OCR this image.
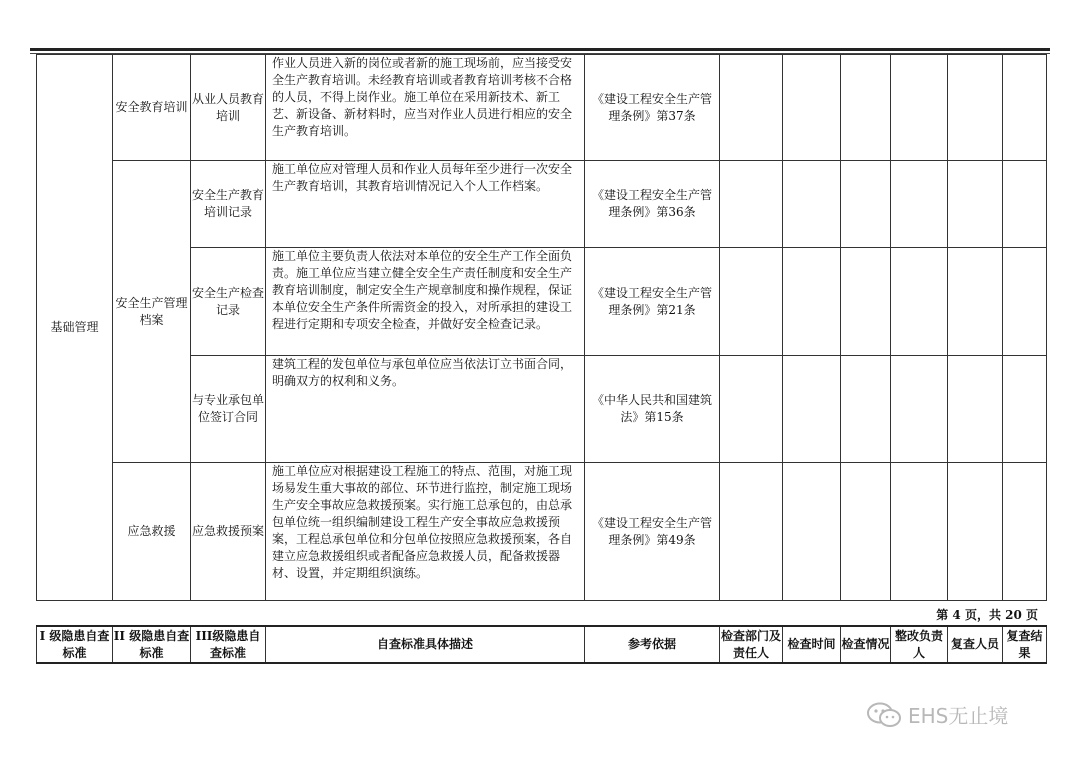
基础管理	安全教育培训	从业人员教育培训	作业人员进入新的岗位或者新的施工现场前，应当接受安全生产教育培训。未经教育培训或者教育培训考核不合格的人员，不得上岗作业。施工单位在采用新技术、新工艺、新设备、新材料时，应当对作业人员进行相应的安全生产教育培训。	《建设工程安全生产管理条例》第37条						
	安全生产管理档案	安全生产教育培训记录	施工单位应对管理人员和作业人员每年至少进行一次安全生产教育培训，其教育培训情况记入个人工作档案。	《建设工程安全生产管理条例》第36条						
		安全生产检查记录	施工单位主要负责人依法对本单位的安全生产工作全面负责。施工单位应当建立健全安全生产责任制度和安全生产教育培训制度，制定安全生产规章制度和操作规程，保证本单位安全生产条件所需资金的投入，对所承担的建设工程进行定期和专项安全检查，并做好安全检查记录。	《建设工程安全生产管理条例》第21条						
		与专业承包单位签订合同	建筑工程的发包单位与承包单位应当依法订立书面合同，明确双方的权利和义务。	《中华人民共和国建筑法》第15条						
	应急救援	应急救援预案	施工单位应对根据建设工程施工的特点、范围，对施工现场易发生重大事故的部位、环节进行监控，制定施工现场生产安全事故应急救援预案。实行施工总承包的，由总承包单位统一组织编制建设工程生产安全事故应急救援预案，工程总承包单位和分包单位按照应急救援预案，各自建立应急救援组织或者配备应急救援人员，配备救援器材、设置，并定期组织演练。	《建设工程安全生产管理条例》第49条						
第 4 页，共 20 页
I 级隐患自查标准	II 级隐患自查标准	III级隐患自查标准	自查标准具体描述	参考依据	检查部门及责任人	检查时间	检查情况	整改负责人	复查人员	复查结果
EHS无止境
